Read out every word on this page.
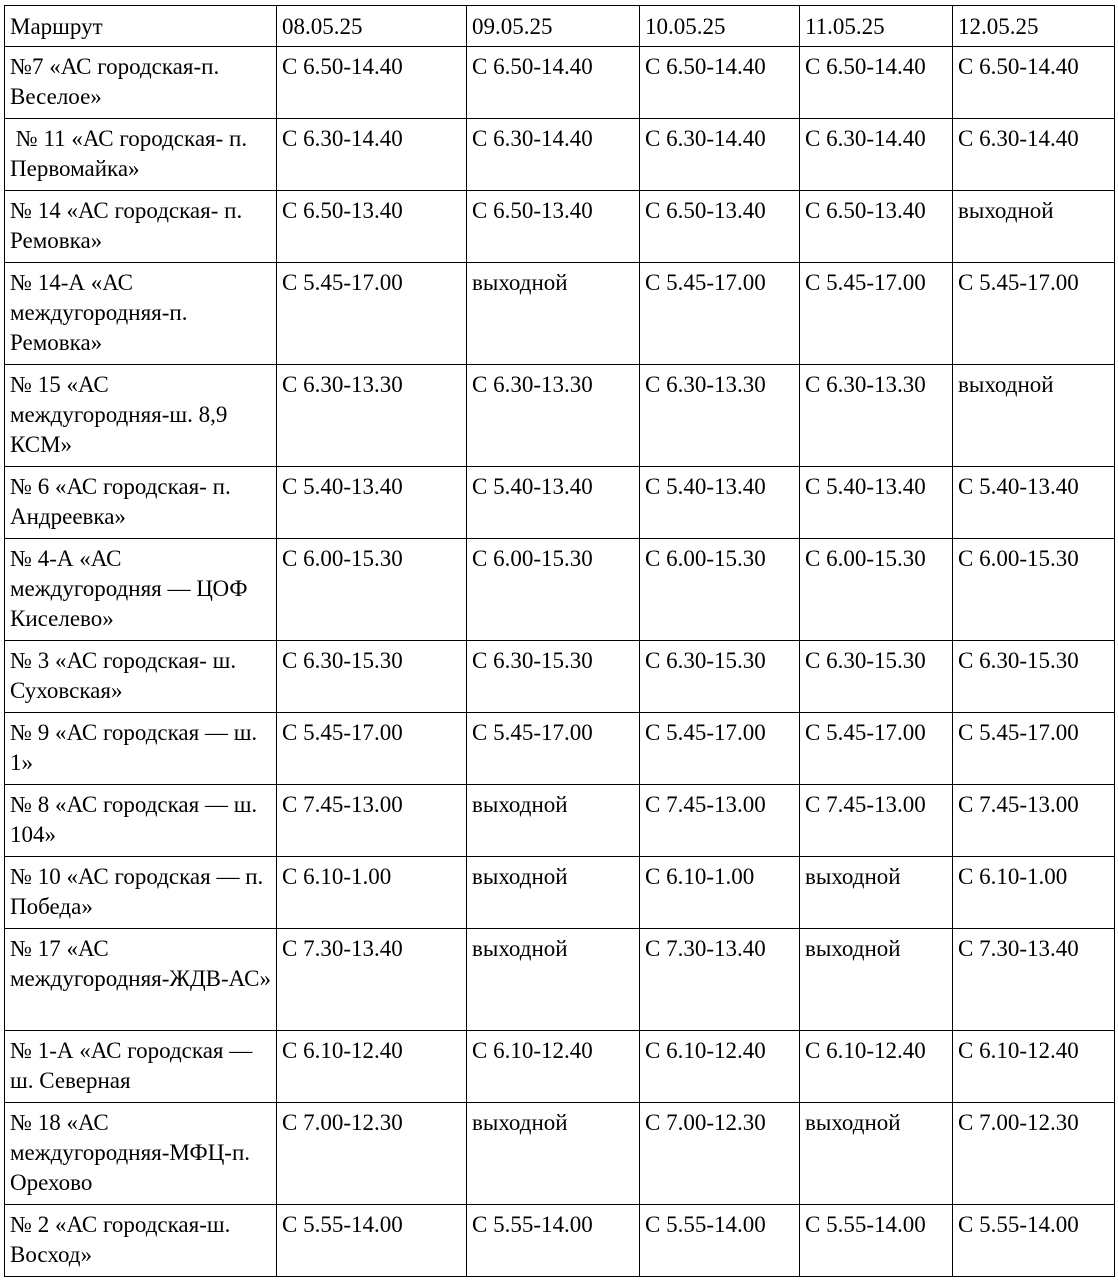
Маршрут	08.05.25	09.05.25	10.05.25	11.05.25	12.05.25
№7 «АС городская-п. Веселое»	С 6.50-14.40	С 6.50-14.40	С 6.50-14.40	С 6.50-14.40	С 6.50-14.40
№ 11 «АС городская- п. Первомайка»	С 6.30-14.40	С 6.30-14.40	С 6.30-14.40	С 6.30-14.40	С 6.30-14.40
№ 14 «АС городская- п. Ремовка»	С 6.50-13.40	С 6.50-13.40	С 6.50-13.40	С 6.50-13.40	выходной
№ 14-А «АС междугородняя-п. Ремовка»	С 5.45-17.00	выходной	С 5.45-17.00	С 5.45-17.00	С 5.45-17.00
№ 15 «АС междугородняя-ш. 8,9 КСМ»	С 6.30-13.30	С 6.30-13.30	С 6.30-13.30	С 6.30-13.30	выходной
№ 6 «АС городская- п. Андреевка»	С 5.40-13.40	С 5.40-13.40	С 5.40-13.40	С 5.40-13.40	С 5.40-13.40
№ 4-А «АС междугородняя — ЦОФ Киселево»	С 6.00-15.30	С 6.00-15.30	С 6.00-15.30	С 6.00-15.30	С 6.00-15.30
№ 3 «АС городская- ш. Суховская»	С 6.30-15.30	С 6.30-15.30	С 6.30-15.30	С 6.30-15.30	С 6.30-15.30
№ 9 «АС городская — ш. 1»	С 5.45-17.00	С 5.45-17.00	С 5.45-17.00	С 5.45-17.00	С 5.45-17.00
№ 8 «АС городская — ш. 104»	С 7.45-13.00	выходной	С 7.45-13.00	С 7.45-13.00	С 7.45-13.00
№ 10 «АС городская — п. Победа»	С 6.10-1.00	выходной	С 6.10-1.00	выходной	С 6.10-1.00
№ 17 «АС междугородняя-ЖДВ-АС»	С 7.30-13.40	выходной	С 7.30-13.40	выходной	С 7.30-13.40
№ 1-А «АС городская — ш. Северная	С 6.10-12.40	С 6.10-12.40	С 6.10-12.40	С 6.10-12.40	С 6.10-12.40
№ 18 «АС междугородняя-МФЦ-п. Орехово	С 7.00-12.30	выходной	С 7.00-12.30	выходной	С 7.00-12.30
№ 2 «АС городская-ш. Восход»	С 5.55-14.00	С 5.55-14.00	С 5.55-14.00	С 5.55-14.00	С 5.55-14.00
